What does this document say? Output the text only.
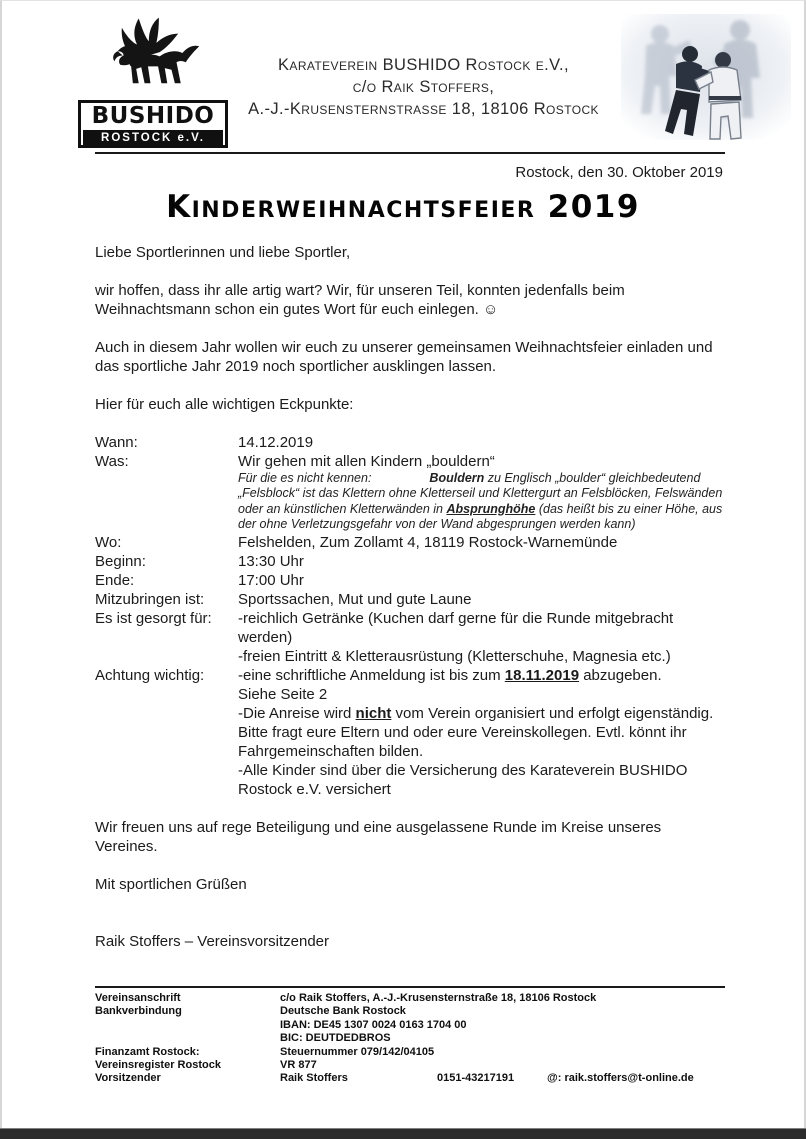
BUSHIDO
ROSTOCK e.V.
Karateverein BUSHIDO Rostock e.V.,
c/o Raik Stoffers,
A.-J.-Krusensternstrasse 18, 18106 Rostock
Rostock, den 30. Oktober 2019
Kinderweihnachtsfeier 2019
Liebe Sportlerinnen und liebe Sportler,
wir hoffen, dass ihr alle artig wart? Wir, für unseren Teil, konnten jedenfalls beim Weihnachtsmann schon ein gutes Wort für euch einlegen. ☺
Auch in diesem Jahr wollen wir euch zu unserer gemeinsamen Weihnachtsfeier einladen und das sportliche Jahr 2019 noch sportlicher ausklingen lassen.
Hier für euch alle wichtigen Eckpunkte:
Wann:	14.12.2019
Was:	Wir gehen mit allen Kindern „bouldern“
Für die es nicht kennen:	Bouldern zu Englisch „boulder“ gleichbedeutend „Felsblock“ ist das Klettern ohne Kletterseil und Klettergurt an Felsblöcken, Felswänden oder an künstlichen Kletterwänden in Absprunghöhe (das heißt bis zu einer Höhe, aus der ohne Verletzungsgefahr von der Wand abgesprungen werden kann)
Wo:	Felshelden, Zum Zollamt 4, 18119 Rostock-Warnemünde
Beginn:	13:30 Uhr
Ende:	17:00 Uhr
Mitzubringen ist:	Sportssachen, Mut und gute Laune
Es ist gesorgt für:	-reichlich Getränke (Kuchen darf gerne für die Runde mitgebracht werden)
-freien Eintritt & Kletterausrüstung (Kletterschuhe, Magnesia etc.)
Achtung wichtig:	-eine schriftliche Anmeldung ist bis zum 18.11.2019 abzugeben.
Siehe Seite 2
-Die Anreise wird nicht vom Verein organisiert und erfolgt eigenständig. Bitte fragt eure Eltern und oder eure Vereinskollegen. Evtl. könnt ihr Fahrgemeinschaften bilden.
-Alle Kinder sind über die Versicherung des Karateverein BUSHIDO Rostock e.V. versichert
Wir freuen uns auf rege Beteiligung und eine ausgelassene Runde im Kreise unseres Vereines.
Mit sportlichen Grüßen
Raik Stoffers – Vereinsvorsitzender
Vereinsanschrift	c/o Raik Stoffers, A.-J.-Krusensternstraße 18, 18106 Rostock
Bankverbindung	Deutsche Bank Rostock
IBAN: DE45 1307 0024 0163 1704 00
BIC: DEUTDEDBROS
Finanzamt Rostock:	Steuernummer 079/142/04105
Vereinsregister Rostock	VR 877
Vorsitzender	Raik Stoffers	0151-43217191	@: raik.stoffers@t-online.de
